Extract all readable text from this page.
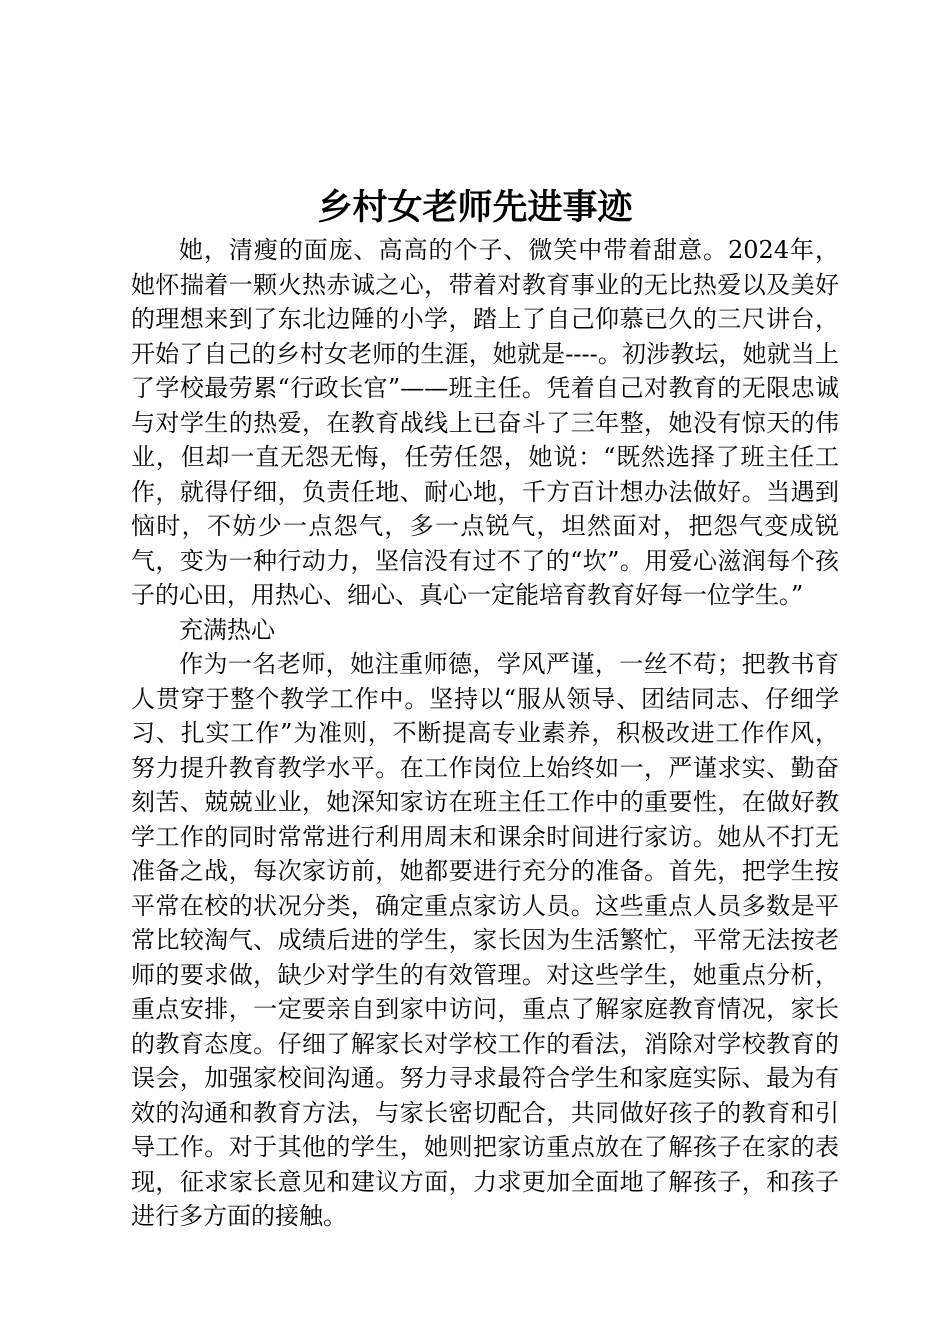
乡村女老师先进事迹

她，清瘦的面庞、高高的个子、微笑中带着甜意。2024年，她怀揣着一颗火热赤诚之心，带着对教育事业的无比热爱以及美好的理想来到了东北边陲的小学，踏上了自己仰慕已久的三尺讲台，开始了自己的乡村女老师的生涯，她就是----。初涉教坛，她就当上了学校最劳累“行政长官”——班主任。凭着自己对教育的无限忠诚与对学生的热爱，在教育战线上已奋斗了三年整，她没有惊天的伟业，但却一直无怨无悔，任劳任怨，她说：“既然选择了班主任工作，就得仔细，负责任地、耐心地，千方百计想办法做好。当遇到恼时，不妨少一点怨气，多一点锐气，坦然面对，把怨气变成锐气，变为一种行动力，坚信没有过不了的“坎”。用爱心滋润每个孩子的心田，用热心、细心、真心一定能培育教育好每一位学生。”

充满热心

作为一名老师，她注重师德，学风严谨，一丝不苟；把教书育人贯穿于整个教学工作中。坚持以“服从领导、团结同志、仔细学习、扎实工作”为准则，不断提高专业素养，积极改进工作作风，努力提升教育教学水平。在工作岗位上始终如一，严谨求实、勤奋刻苦、兢兢业业，她深知家访在班主任工作中的重要性，在做好教学工作的同时常常进行利用周末和课余时间进行家访。她从不打无准备之战，每次家访前，她都要进行充分的准备。首先，把学生按平常在校的状况分类，确定重点家访人员。这些重点人员多数是平常比较淘气、成绩后进的学生，家长因为生活繁忙，平常无法按老师的要求做，缺少对学生的有效管理。对这些学生，她重点分析，重点安排，一定要亲自到家中访问，重点了解家庭教育情况，家长的教育态度。仔细了解家长对学校工作的看法，消除对学校教育的误会，加强家校间沟通。努力寻求最符合学生和家庭实际、最为有效的沟通和教育方法，与家长密切配合，共同做好孩子的教育和引导工作。对于其他的学生，她则把家访重点放在了解孩子在家的表现，征求家长意见和建议方面，力求更加全面地了解孩子，和孩子进行多方面的接触。
